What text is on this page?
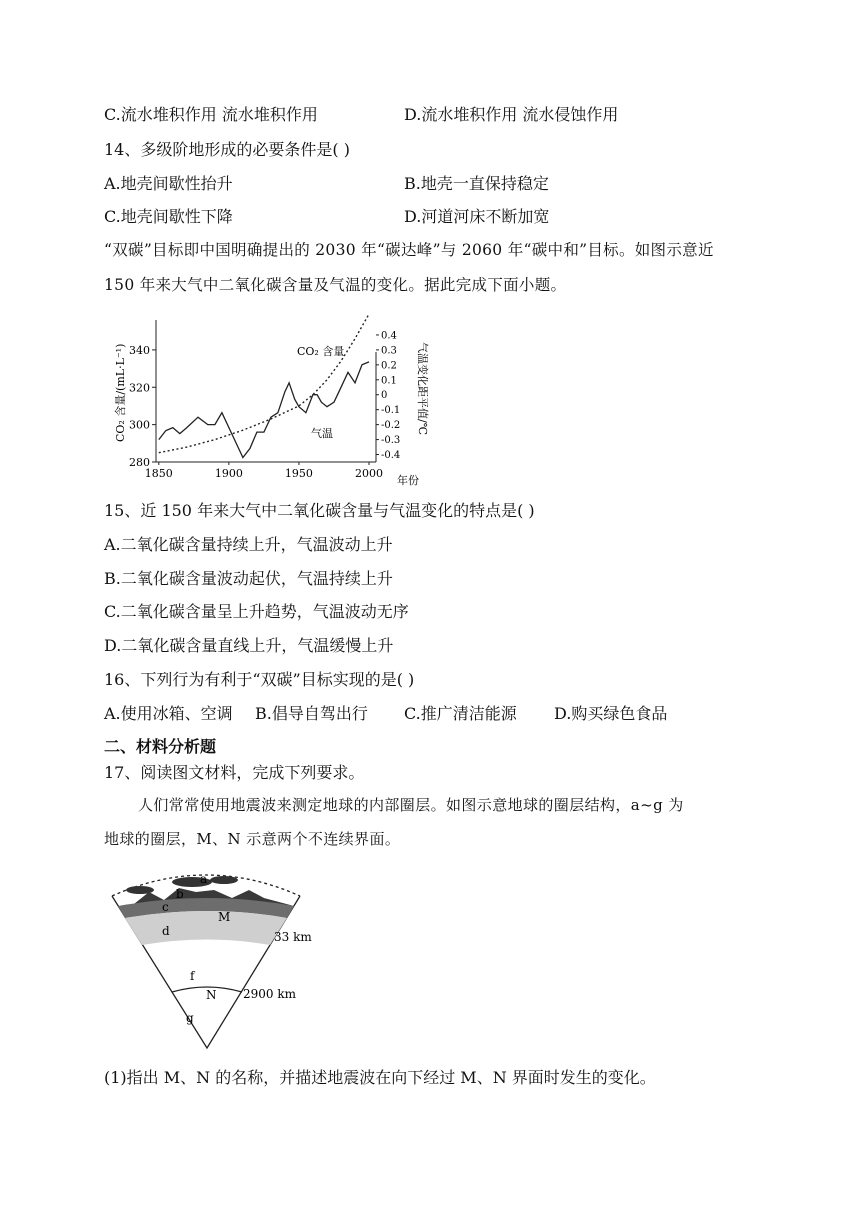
C.流水堆积作用 流水堆积作用	D.流水堆积作用 流水侵蚀作用
14、多级阶地形成的必要条件是( )
A.地壳间歇性抬升	B.地壳一直保持稳定
C.地壳间歇性下降	D.河道河床不断加宽
“双碳”目标即中国明确提出的 2030 年“碳达峰”与 2060 年“碳中和”目标。如图示意近
150 年来大气中二氧化碳含量及气温的变化。据此完成下面小题。
280
300
320
340
-0.4
-0.3
-0.2
-0.1
0
0.1
0.2
0.3
0.4
1850	1900	1950	2000
CO₂ 含量/(mL·L⁻¹)	气温变化距平值/℃
年份
CO₂ 含量
气温
15、近 150 年来大气中二氧化碳含量与气温变化的特点是( )
A.二氧化碳含量持续上升，气温波动上升
B.二氧化碳含量波动起伏，气温持续上升
C.二氧化碳含量呈上升趋势，气温波动无序
D.二氧化碳含量直线上升，气温缓慢上升
16、下列行为有利于“双碳”目标实现的是( )
A.使用冰箱、空调 B.倡导自驾出行 C.推广清洁能源 D.购买绿色食品
二、材料分析题
17、阅读图文材料，完成下列要求。
人们常常使用地震波来测定地球的内部圈层。如图示意地球的圈层结构，a~g 为
地球的圈层，M、N 示意两个不连续界面。
a
b
c
d
M
f
N
g
33 km
2900 km
(1)指出 M、N 的名称，并描述地震波在向下经过 M、N 界面时发生的变化。
